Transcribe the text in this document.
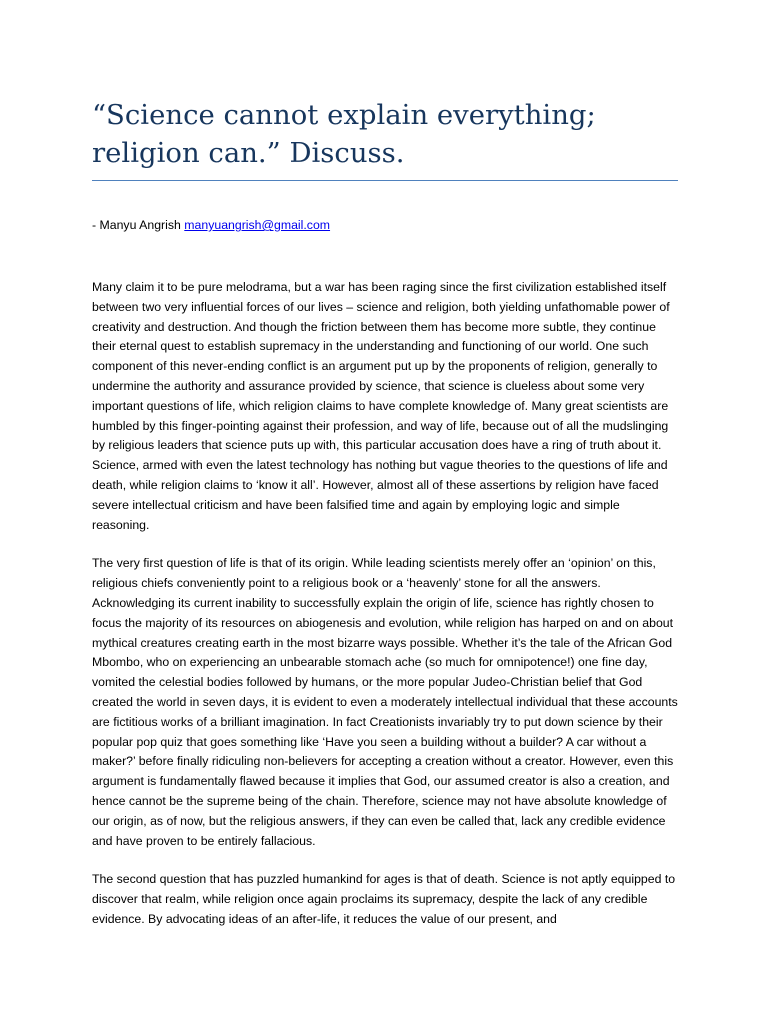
“Science cannot explain everything;
religion can.” Discuss.
- Manyu Angrish manyuangrish@gmail.com

Many claim it to be pure melodrama, but a war has been raging since the first civilization established itself between two very influential forces of our lives – science and religion, both yielding unfathomable power of creativity and destruction. And though the friction between them has become more subtle, they continue their eternal quest to establish supremacy in the understanding and functioning of our world. One such component of this never-ending conflict is an argument put up by the proponents of religion, generally to undermine the authority and assurance provided by science, that science is clueless about some very important questions of life, which religion claims to have complete knowledge of. Many great scientists are humbled by this finger-pointing against their profession, and way of life, because out of all the mudslinging by religious leaders that science puts up with, this particular accusation does have a ring of truth about it. Science, armed with even the latest technology has nothing but vague theories to the questions of life and death, while religion claims to ‘know it all’. However, almost all of these assertions by religion have faced severe intellectual criticism and have been falsified time and again by employing logic and simple reasoning.

The very first question of life is that of its origin. While leading scientists merely offer an ‘opinion’ on this, religious chiefs conveniently point to a religious book or a ‘heavenly’ stone for all the answers. Acknowledging its current inability to successfully explain the origin of life, science has rightly chosen to focus the majority of its resources on abiogenesis and evolution, while religion has harped on and on about mythical creatures creating earth in the most bizarre ways possible. Whether it’s the tale of the African God Mbombo, who on experiencing an unbearable stomach ache (so much for omnipotence!) one fine day, vomited the celestial bodies followed by humans, or the more popular Judeo-Christian belief that God created the world in seven days, it is evident to even a moderately intellectual individual that these accounts are fictitious works of a brilliant imagination. In fact Creationists invariably try to put down science by their popular pop quiz that goes something like ‘Have you seen a building without a builder? A car without a maker?’ before finally ridiculing non-believers for accepting a creation without a creator. However, even this argument is fundamentally flawed because it implies that God, our assumed creator is also a creation, and hence cannot be the supreme being of the chain. Therefore, science may not have absolute knowledge of our origin, as of now, but the religious answers, if they can even be called that, lack any credible evidence and have proven to be entirely fallacious.

The second question that has puzzled humankind for ages is that of death. Science is not aptly equipped to discover that realm, while religion once again proclaims its supremacy, despite the lack of any credible evidence. By advocating ideas of an after-life, it reduces the value of our present, and
